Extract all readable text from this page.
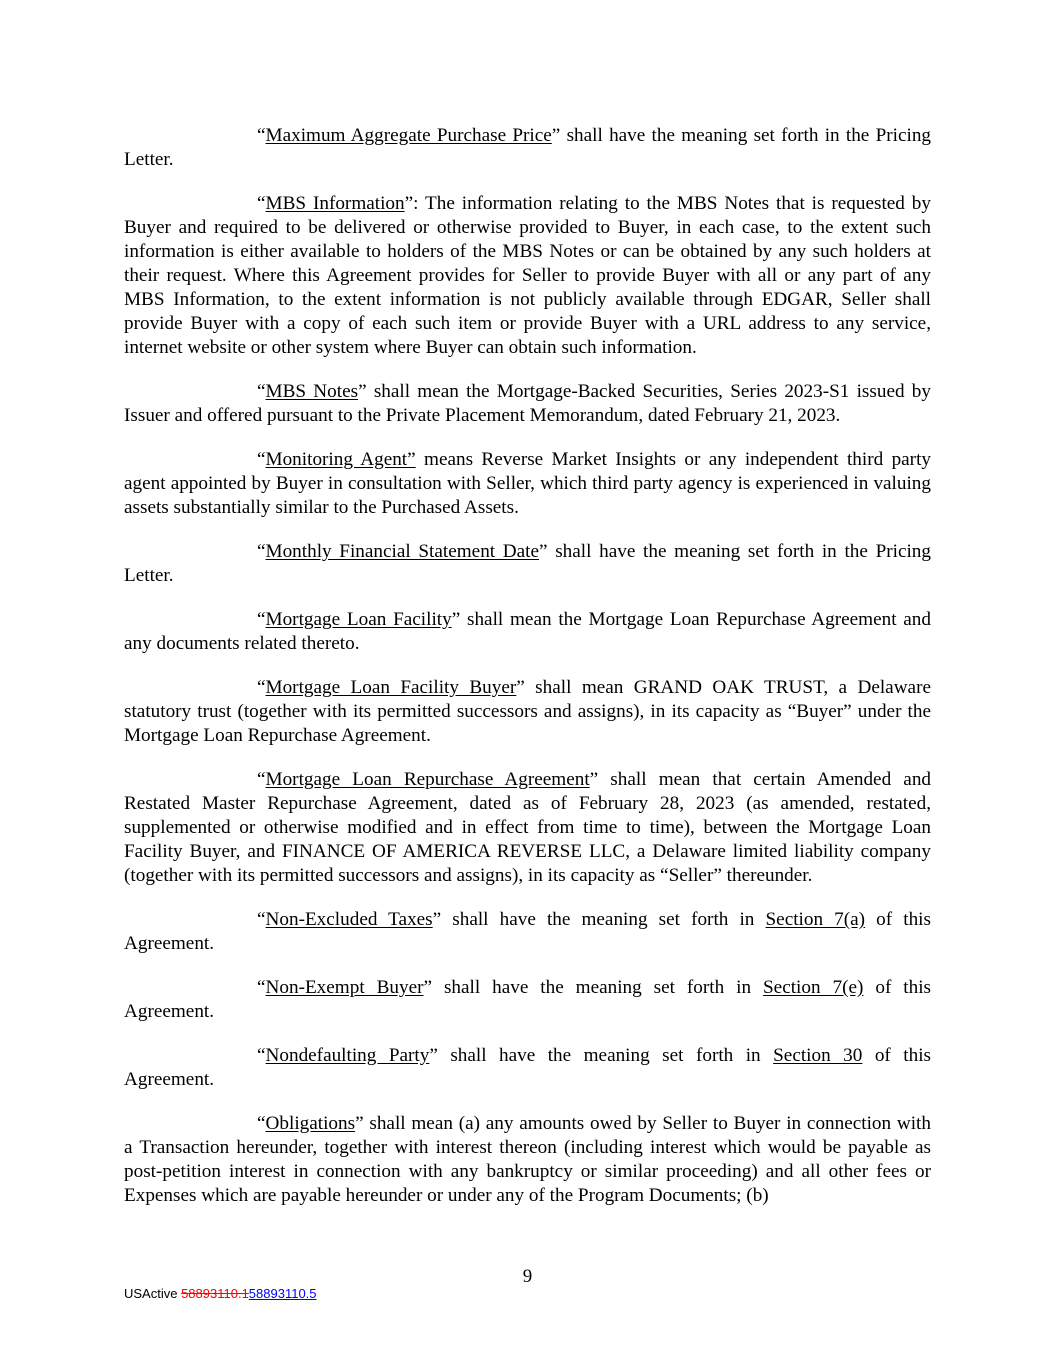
“Maximum Aggregate Purchase Price” shall have the meaning set forth in the Pricing Letter.

“MBS Information”: The information relating to the MBS Notes that is requested by Buyer and required to be delivered or otherwise provided to Buyer, in each case, to the extent such information is either available to holders of the MBS Notes or can be obtained by any such holders at their request. Where this Agreement provides for Seller to provide Buyer with all or any part of any MBS Information, to the extent information is not publicly available through EDGAR, Seller shall provide Buyer with a copy of each such item or provide Buyer with a URL address to any service, internet website or other system where Buyer can obtain such information.

“MBS Notes” shall mean the Mortgage-Backed Securities, Series 2023-S1 issued by Issuer and offered pursuant to the Private Placement Memorandum, dated February 21, 2023.

“Monitoring Agent” means Reverse Market Insights or any independent third party agent appointed by Buyer in consultation with Seller, which third party agency is experienced in valuing assets substantially similar to the Purchased Assets.

“Monthly Financial Statement Date” shall have the meaning set forth in the Pricing Letter.

“Mortgage Loan Facility” shall mean the Mortgage Loan Repurchase Agreement and any documents related thereto.

“Mortgage Loan Facility Buyer” shall mean GRAND OAK TRUST, a Delaware statutory trust (together with its permitted successors and assigns), in its capacity as “Buyer” under the Mortgage Loan Repurchase Agreement.

“Mortgage Loan Repurchase Agreement” shall mean that certain Amended and Restated Master Repurchase Agreement, dated as of February 28, 2023 (as amended, restated, supplemented or otherwise modified and in effect from time to time), between the Mortgage Loan Facility Buyer, and FINANCE OF AMERICA REVERSE LLC, a Delaware limited liability company (together with its permitted successors and assigns), in its capacity as “Seller” thereunder.

“Non-Excluded Taxes” shall have the meaning set forth in Section 7(a) of this Agreement.

“Non-Exempt Buyer” shall have the meaning set forth in Section 7(e) of this Agreement.

“Nondefaulting Party” shall have the meaning set forth in Section 30 of this Agreement.

“Obligations” shall mean (a) any amounts owed by Seller to Buyer in connection with a Transaction hereunder, together with interest thereon (including interest which would be payable as post-petition interest in connection with any bankruptcy or similar proceeding) and all other fees or Expenses which are payable hereunder or under any of the Program Documents; (b)

9
USActive 58893110.158893110.5
